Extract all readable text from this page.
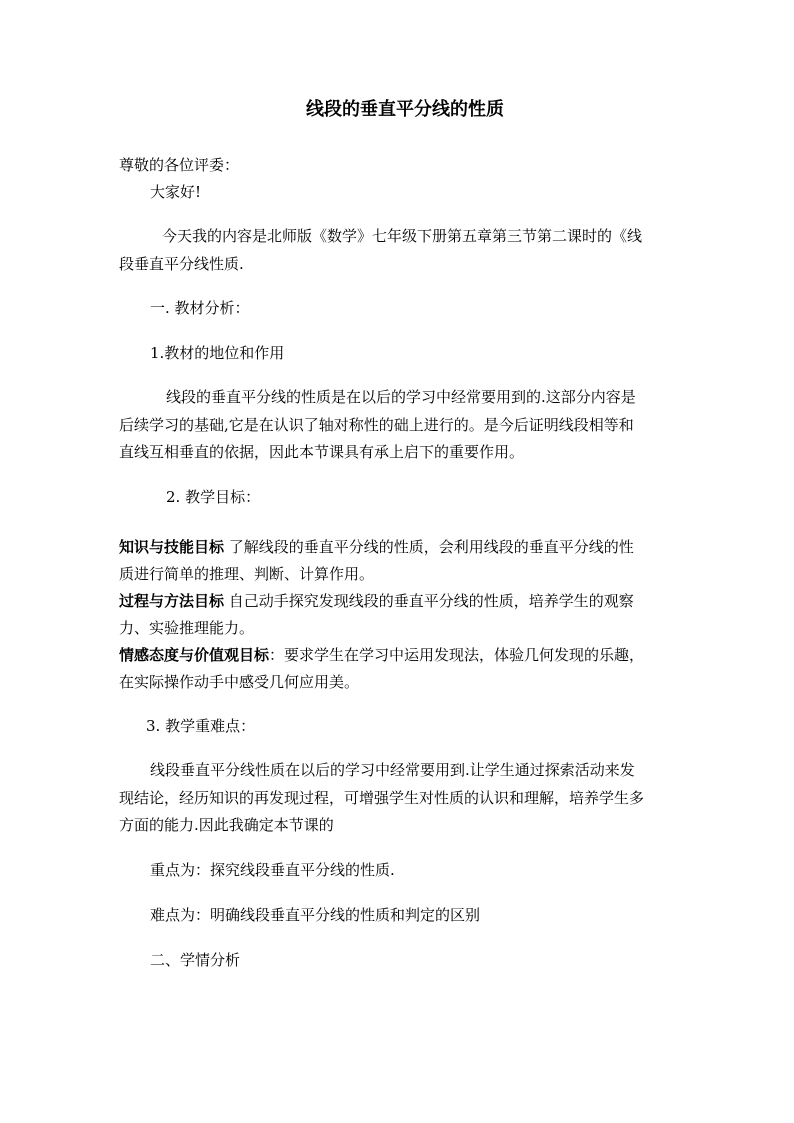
线段的垂直平分线的性质
尊敬的各位评委：
大家好!
今天我的内容是北师版《数学》七年级下册第五章第三节第二课时的《线
段垂直平分线性质.
一. 教材分析：
1.教材的地位和作用
线段的垂直平分线的性质是在以后的学习中经常要用到的.这部分内容是
后续学习的基础,它是在认识了轴对称性的础上进行的。是今后证明线段相等和
直线互相垂直的依据，因此本节课具有承上启下的重要作用。
2. 教学目标：
知识与技能目标 了解线段的垂直平分线的性质，会利用线段的垂直平分线的性
质进行简单的推理、判断、计算作用。
过程与方法目标 自己动手探究发现线段的垂直平分线的性质，培养学生的观察
力、实验推理能力。
情感态度与价值观目标：要求学生在学习中运用发现法，体验几何发现的乐趣，
在实际操作动手中感受几何应用美。
3. 教学重难点：
线段垂直平分线性质在以后的学习中经常要用到.让学生通过探索活动来发
现结论，经历知识的再发现过程，可增强学生对性质的认识和理解，培养学生多
方面的能力.因此我确定本节课的
重点为：探究线段垂直平分线的性质.
难点为：明确线段垂直平分线的性质和判定的区别
二、学情分析
